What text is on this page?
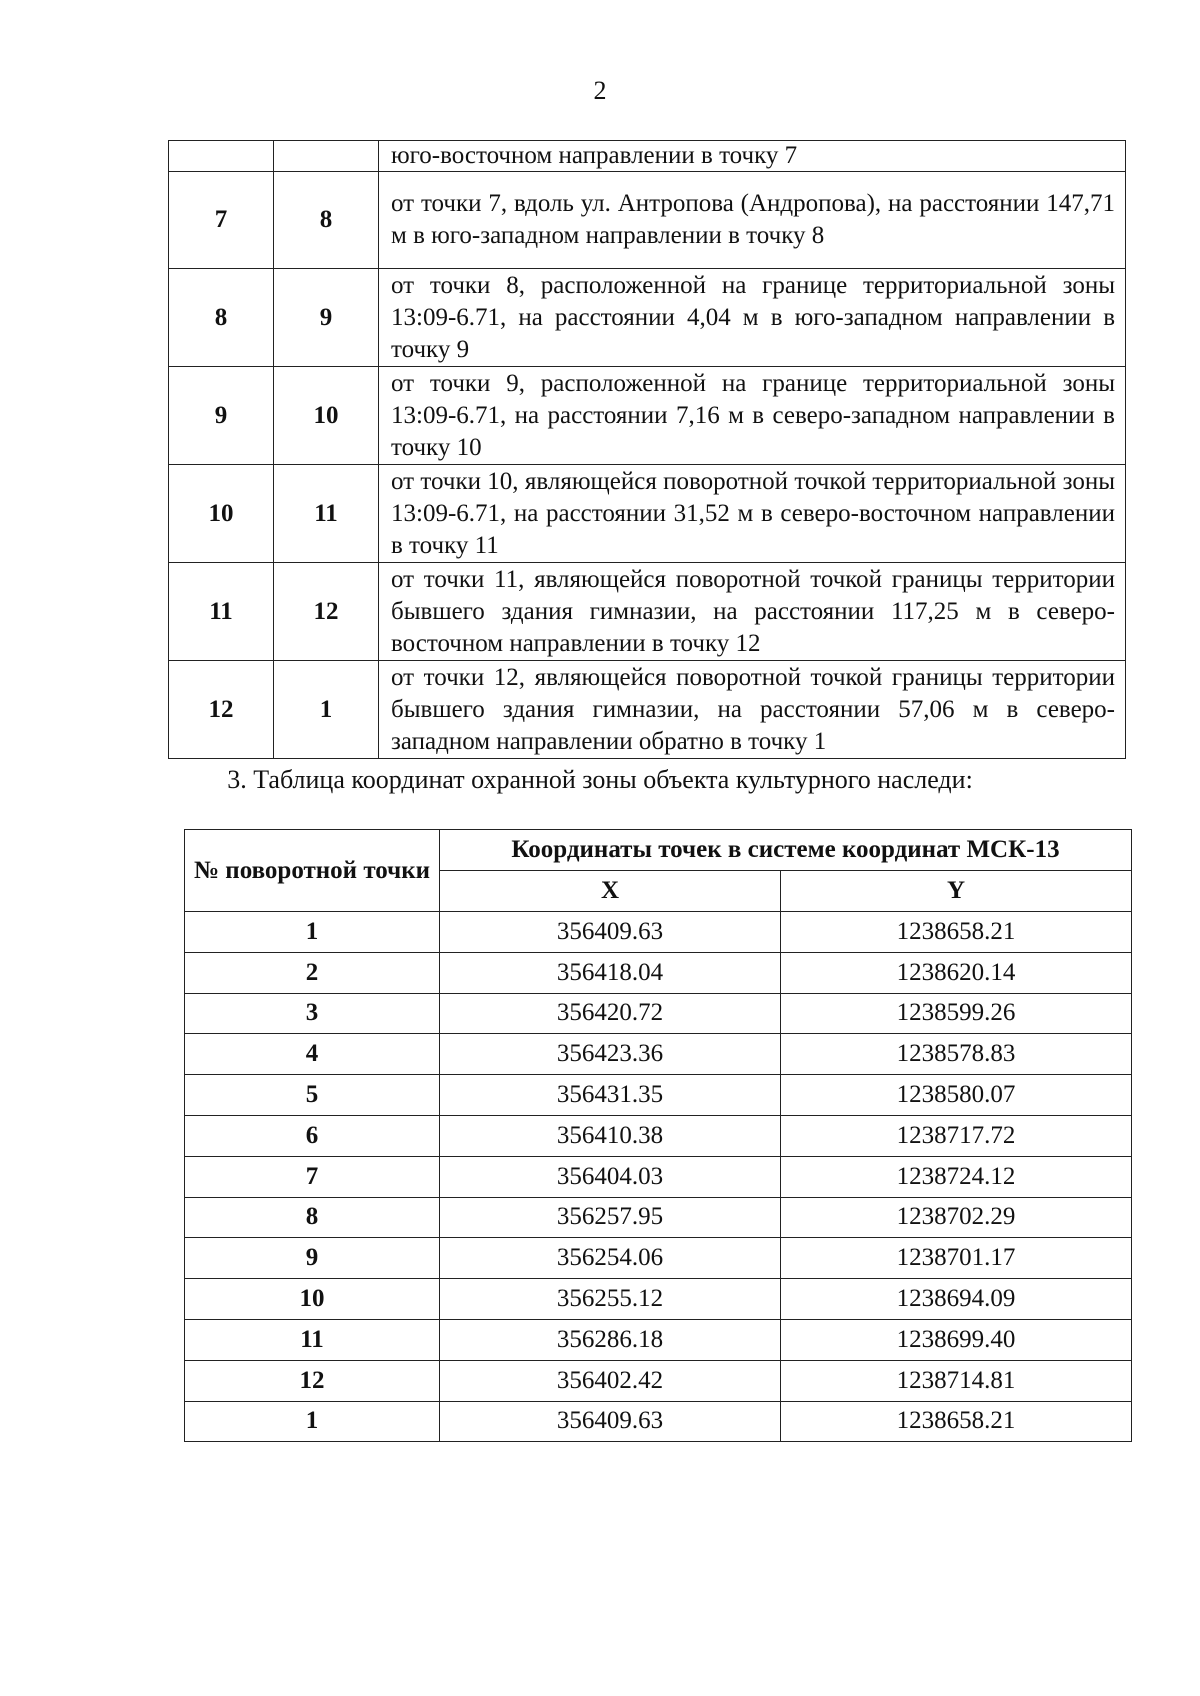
2
		юго-восточном направлении в точку 7
7	8	от точки 7, вдоль ул. Антропова (Андропова), на расстоянии 147,71 м в юго-западном направлении в точку 8
8	9	от точки 8, расположенной на границе территориальной зоны 13:09-6.71, на расстоянии 4,04 м в юго-западном направлении в точку 9
9	10	от точки 9, расположенной на границе территориальной зоны 13:09-6.71, на расстоянии 7,16 м в северо-западном направлении в точку 10
10	11	от точки 10, являющейся поворотной точкой территориальной зоны 13:09-6.71, на расстоянии 31,52 м в северо-восточном направлении в точку 11
11	12	от точки 11, являющейся поворотной точкой границы территории бывшего здания гимназии, на расстоянии 117,25 м в северо-восточном направлении в точку 12
12	1	от точки 12, являющейся поворотной точкой границы территории бывшего здания гимназии, на расстоянии 57,06 м в северо-западном направлении обратно в точку 1
3. Таблица координат охранной зоны объекта культурного наследи:
№ поворотной точки	Координаты точек в системе координат МСК-13	
	X	Y
1	356409.63	1238658.21
2	356418.04	1238620.14
3	356420.72	1238599.26
4	356423.36	1238578.83
5	356431.35	1238580.07
6	356410.38	1238717.72
7	356404.03	1238724.12
8	356257.95	1238702.29
9	356254.06	1238701.17
10	356255.12	1238694.09
11	356286.18	1238699.40
12	356402.42	1238714.81
1	356409.63	1238658.21
